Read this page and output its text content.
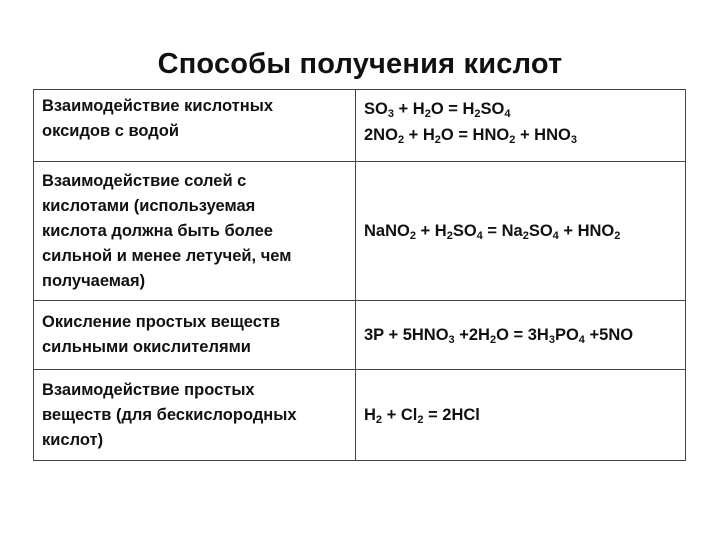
Способы получения кислот
Взаимодействие кислотных
оксидов с водой	$SO_3 + H_2O = H_2SO_4$
$2NO_2 + H_2O = HNO_2 + HNO_3$

Взаимодействие солей с
кислотами (используемая
кислота должна быть более
сильной и менее летучей, чем
получаемая)	NaNO$_2$ + $H_2SO_4 = Na_2SO_4 + HNO_2$

Окисление простых веществ
сильными окислителями	$3P + 5HNO_3 +2H_2O = 3H_3PO_4 +5NO$

Взаимодействие простых
веществ (для бескислородных
кислот)	$H_2 + Cl_2 = 2HCl$
